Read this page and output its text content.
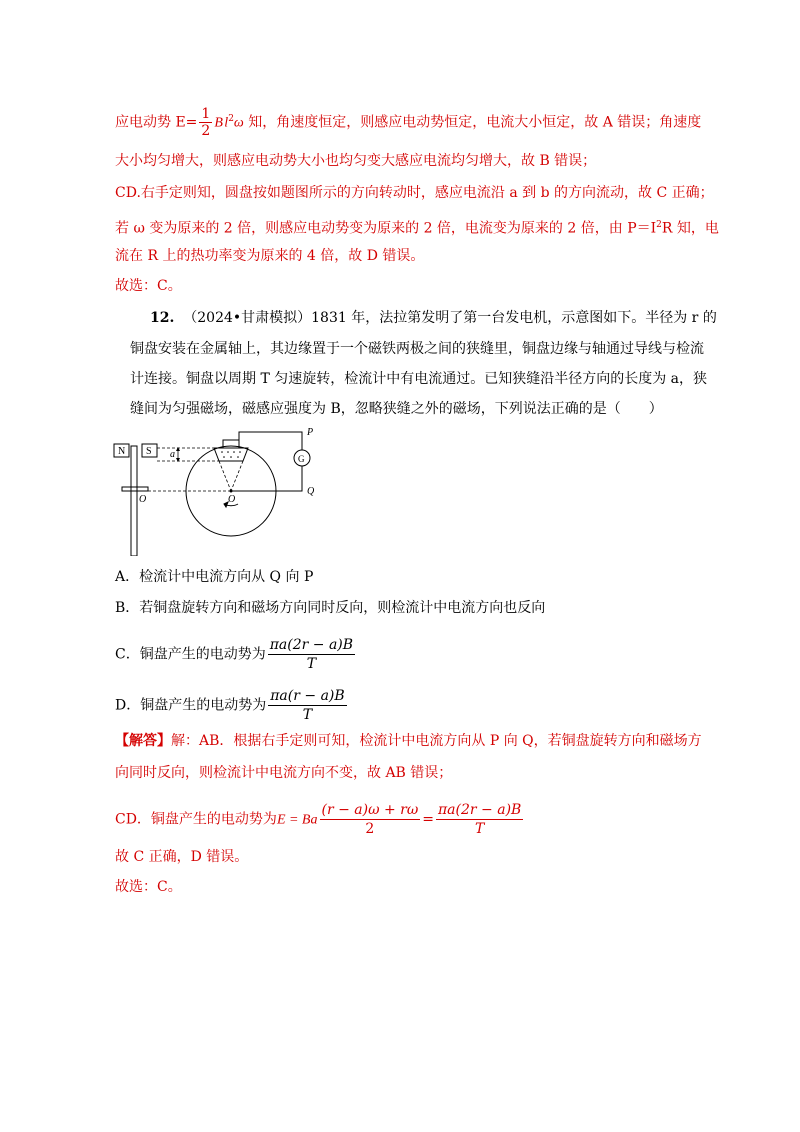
应电动势 $E= \frac{1}{2}$ B $l^2\omega$ 知，角速度恒定，则感应电动势恒定，电流大小恒定，故 A 错误；角速度
大小均匀增大，则感应电动势大小也均匀变大感应电流均匀增大，故 B 错误；
CD.右手定则知，圆盘按如题图所示的方向转动时，感应电流沿 a 到 b 的方向流动，故 C 正确；
若 ω 变为原来的 2 倍，则感应电动势变为原来的 2 倍，电流变为原来的 2 倍，由 $P=I^2R$ 知，电
流在 R 上的热功率变为原来的 4 倍，故 D 错误。
故选：C。
12. （2024•甘肃模拟）1831 年，法拉第发明了第一台发电机，示意图如下。半径为 r 的
铜盘安装在金属轴上，其边缘置于一个磁铁两极之间的狭缝里，铜盘边缘与轴通过导线与检流
计连接。铜盘以周期 T 匀速旋转，检流计中有电流通过。已知狭缝沿半径方向的长度为 a，狭
缝间为匀强磁场，磁感应强度为 B，忽略狭缝之外的磁场，下列说法正确的是（　　）
N S a
P
Q
G
O
O
A．检流计中电流方向从 Q 向 P
B．若铜盘旋转方向和磁场方向同时反向，则检流计中电流方向也反向
C．铜盘产生的电动势为 $\frac{\pi a(2r - a)B}{T}$
D．铜盘产生的电动势为 $\frac{\pi a(r - a)B}{T}$
【解答】解：AB．根据右手定则可知，检流计中电流方向从 P 向 Q，若铜盘旋转方向和磁场方
向同时反向，则检流计中电流方向不变，故 AB 错误；
CD．铜盘产生的电动势为E = Ba $\frac{(r - a)\omega + r\omega}{2} = \frac{\pi a(2r - a)B}{T}$
故 C 正确，D 错误。
故选：C。
